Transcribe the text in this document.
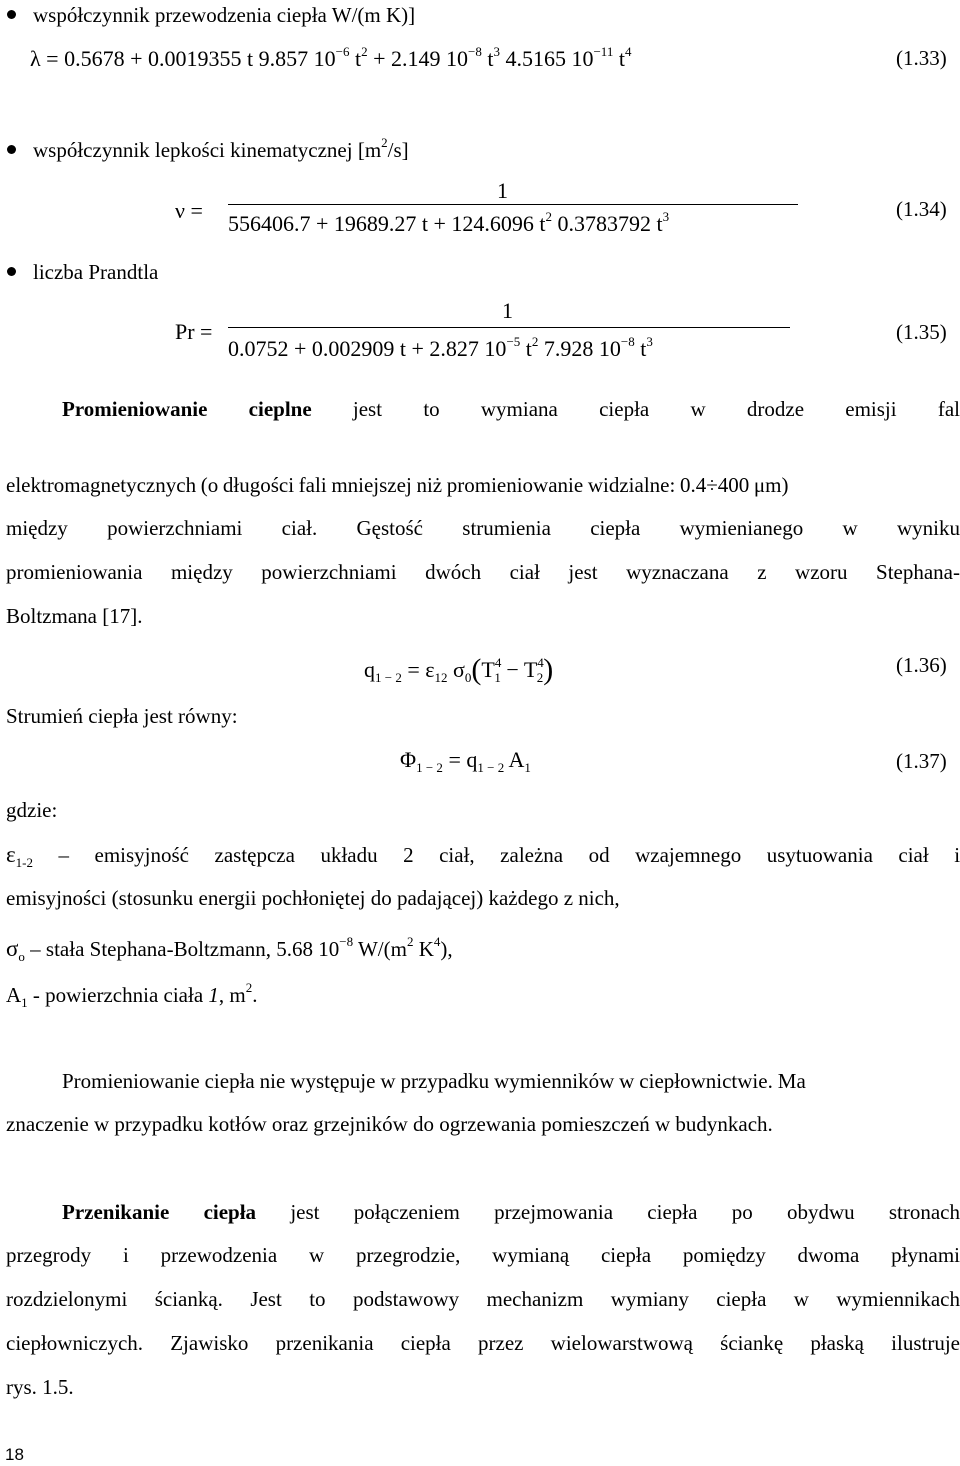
współczynnik przewodzenia ciepła W/(m K)]
λ = 0.5678 + 0.0019355 t 9.857 $10^{-6}$ $t^2 + 2.149$ $10^{-8}$ $t^3$ 4.5165 $10^{-11}$ $t^4$	(1.33)
współczynnik lepkości kinematycznej $[m^2/s]$
ν =
1
556406.7 + 19689.27 t + 124.6096 $t^2$ 0.3783792 $t^3$	(1.34)
liczba Prandtla
Pr =
1
0.0752 + 0.002909 t + 2.827 $10^{-5}$ $t^2$ 7.928 $10^{-8}$ $t^3$	(1.35)
Promieniowanie cieplne jest to wymiana ciepła w drodze emisji fal
elektromagnetycznych (o długości fali mniejszej niż promieniowanie widzialne: 0.4÷400 μm)
między powierzchniami ciał. Gęstość strumienia ciepła wymienianego w wyniku
promieniowania między powierzchniami dwóch ciał jest wyznaczana z wzoru Stephana-
Boltzmana [17].
$q_{1 - 2} = \varepsilon_{12}$ $\sigma_0(T^4_1 - T^4_2)$	(1.36)
Strumień ciepła jest równy:
$\Phi_{1 - 2} = q_{1 - 2}$ $A_1$	(1.37)
gdzie:
$\varepsilon_{1-2}$ – emisyjność zastępcza układu 2 ciał, zależna od wzajemnego usytuowania ciał i
emisyjności (stosunku energii pochłoniętej do padającej) każdego z nich,
$\sigma_o$ – stała Stephana-Boltzmann, 5.68 $10^{-8}$ $W/(m^2$ $K^4$),
$A_1$ - powierzchnia ciała 1, $m^2$.
Promieniowanie ciepła nie występuje w przypadku wymienników w ciepłownictwie. Ma
znaczenie w przypadku kotłów oraz grzejników do ogrzewania pomieszczeń w budynkach.
Przenikanie ciepła jest połączeniem przejmowania ciepła po obydwu stronach
przegrody i przewodzenia w przegrodzie, wymianą ciepła pomiędzy dwoma płynami
rozdzielonymi ścianką. Jest to podstawowy mechanizm wymiany ciepła w wymiennikach
ciepłowniczych. Zjawisko przenikania ciepła przez wielowarstwową ściankę płaską ilustruje
rys. 1.5.
18
